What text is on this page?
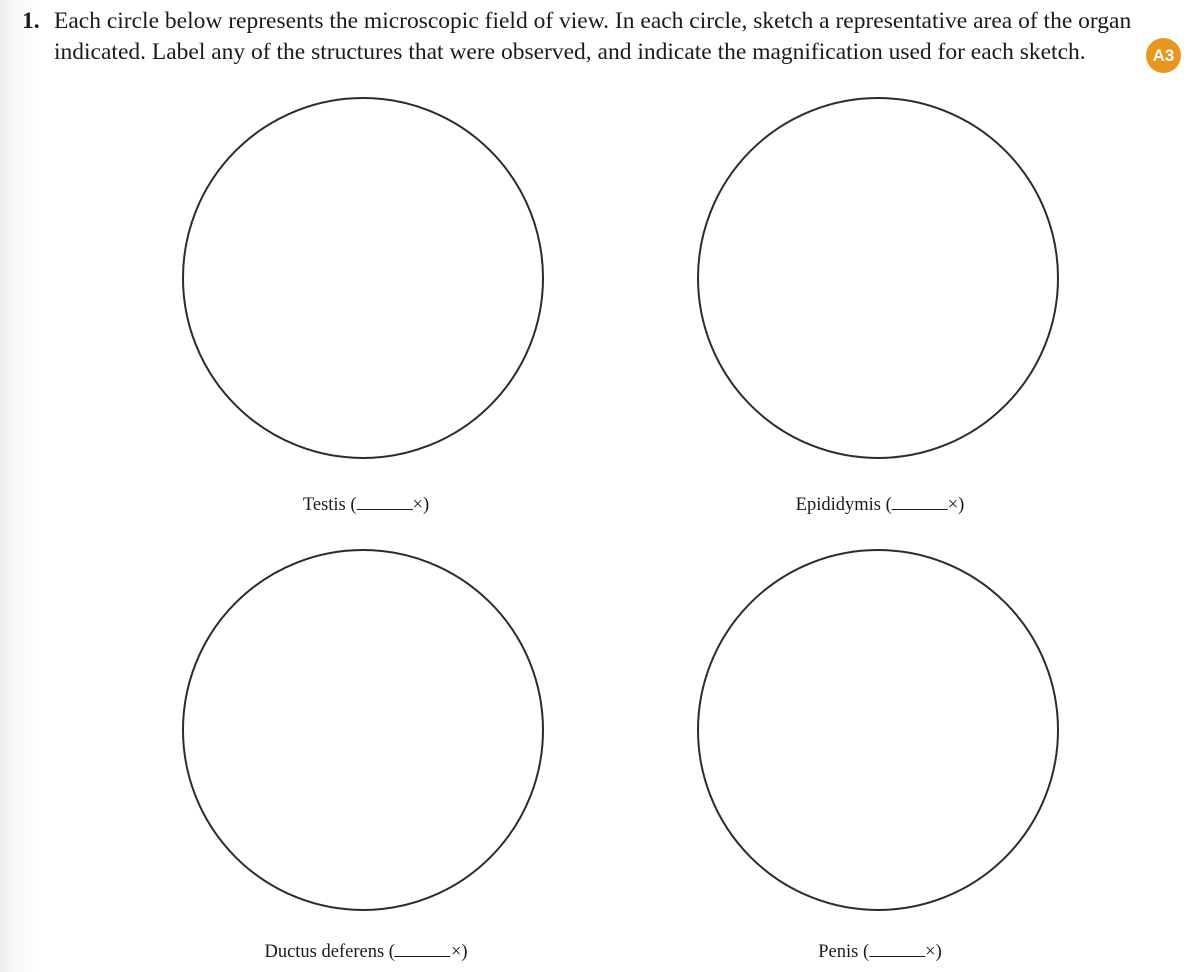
1. Each circle below represents the microscopic field of view. In each circle, sketch a representative area of the organ
indicated. Label any of the structures that were observed, and indicate the magnification used for each sketch.	A3
Testis (	×)	Epididymis (	×)
Ductus deferens (	×)	Penis (	×)
